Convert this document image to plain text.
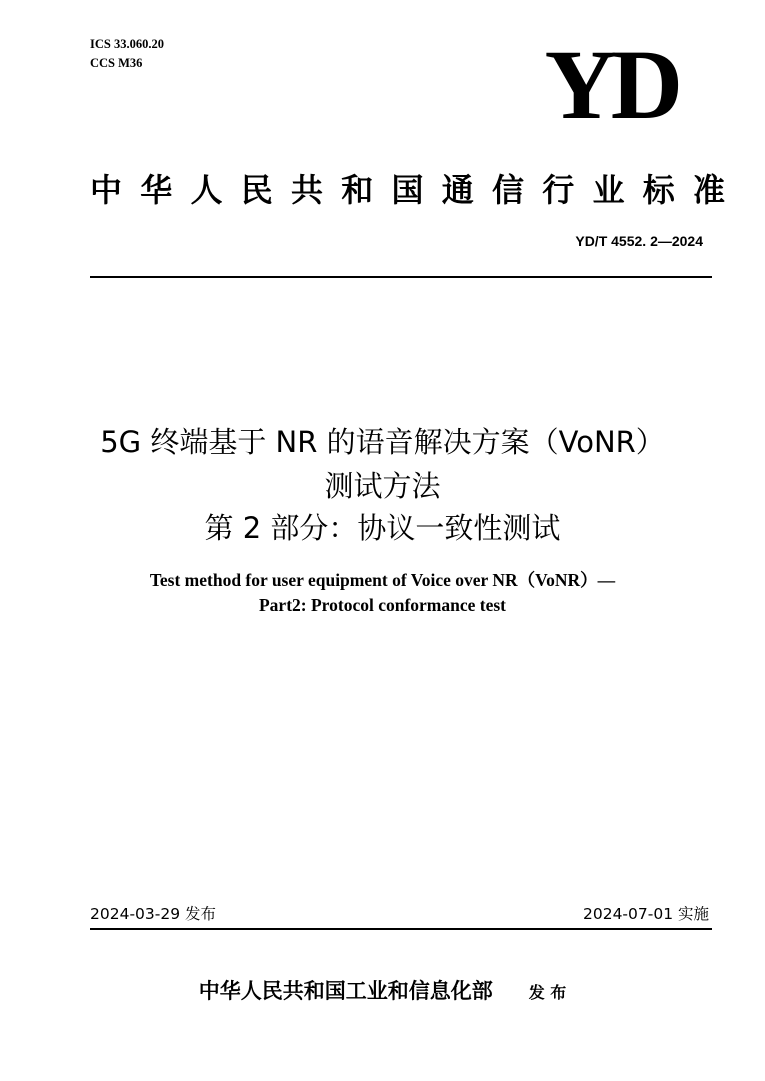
ICS 33.060.20
CCS M36	YD
中华人民共和国通信行业标准
YD/T 4552. 2—2024
5G 终端基于 NR 的语音解决方案（VoNR）
测试方法
第 2 部分：协议一致性测试
Test method for user equipment of Voice over NR（VoNR）—
Part2: Protocol conformance test
2024-03-29 发布	2024-07-01 实施
中华人民共和国工业和信息化部 发 布
